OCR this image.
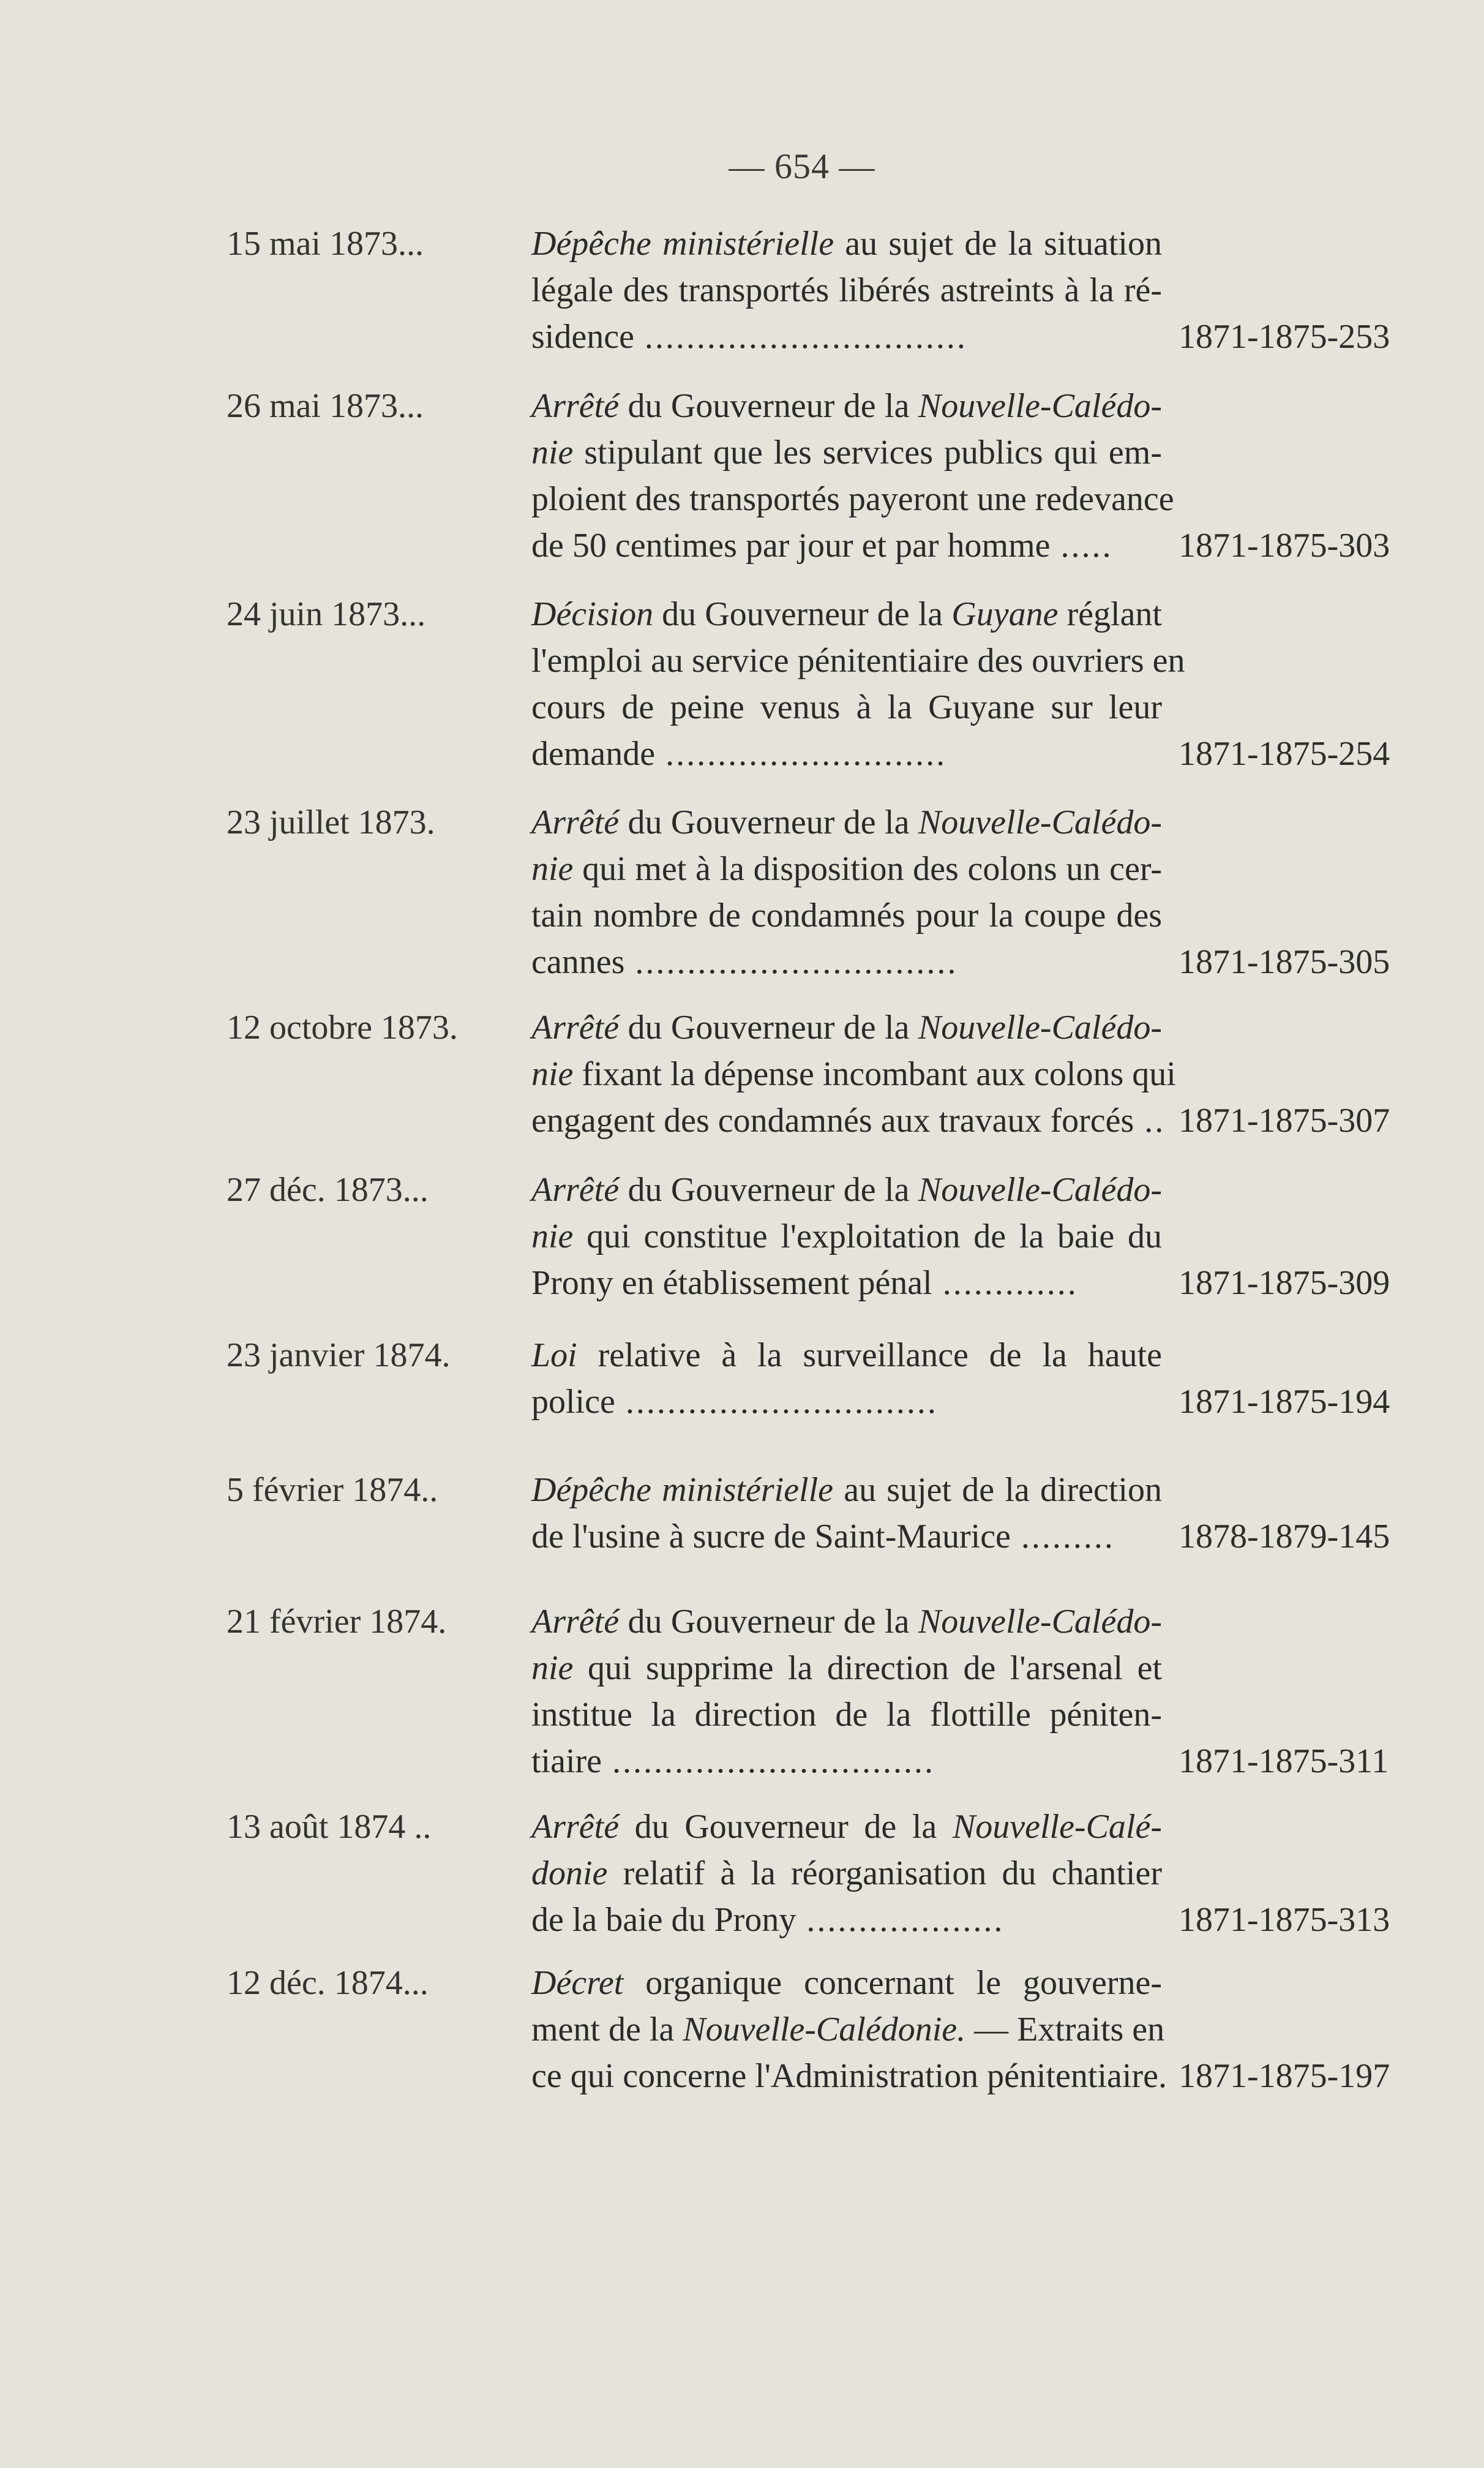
— 654 —
15 mai 1873...	Dépêche ministérielle au sujet de la situation
légale des transportés libérés astreints à la ré-
sidence ...............................	1871-1875-253
26 mai 1873...	Arrêté du Gouverneur de la Nouvelle-Calédo-
nie stipulant que les services publics qui em-
ploient des transportés payeront une redevance
de 50 centimes par jour et par homme .....	1871-1875-303
24 juin 1873...	Décision du Gouverneur de la Guyane réglant
l'emploi au service pénitentiaire des ouvriers en
cours de peine venus à la Guyane sur leur
demande ...........................	1871-1875-254
23 juillet 1873.	Arrêté du Gouverneur de la Nouvelle-Calédo-
nie qui met à la disposition des colons un cer-
tain nombre de condamnés pour la coupe des
cannes ...............................	1871-1875-305
12 octobre 1873.	Arrêté du Gouverneur de la Nouvelle-Calédo-
nie fixant la dépense incombant aux colons qui
engagent des condamnés aux travaux forcés .. 1871-1875-307
27 déc. 1873...	Arrêté du Gouverneur de la Nouvelle-Calédo-
nie qui constitue l'exploitation de la baie du
Prony en établissement pénal .............	1871-1875-309
23 janvier 1874.	Loi relative à la surveillance de la haute
police ..............................	1871-1875-194
5 février 1874..	Dépêche ministérielle au sujet de la direction
de l'usine à sucre de Saint-Maurice .........	1878-1879-145
21 février 1874.	Arrêté du Gouverneur de la Nouvelle-Calédo-
nie qui supprime la direction de l'arsenal et
institue la direction de la flottille péniten-
tiaire ...............................	1871-1875-311
13 août 1874 ..	Arrêté du Gouverneur de la Nouvelle-Calé-
donie relatif à la réorganisation du chantier
de la baie du Prony ...................	1871-1875-313
12 déc. 1874...	Décret organique concernant le gouverne-
ment de la Nouvelle-Calédonie. — Extraits en
ce qui concerne l'Administration pénitentiaire. 1871-1875-197
